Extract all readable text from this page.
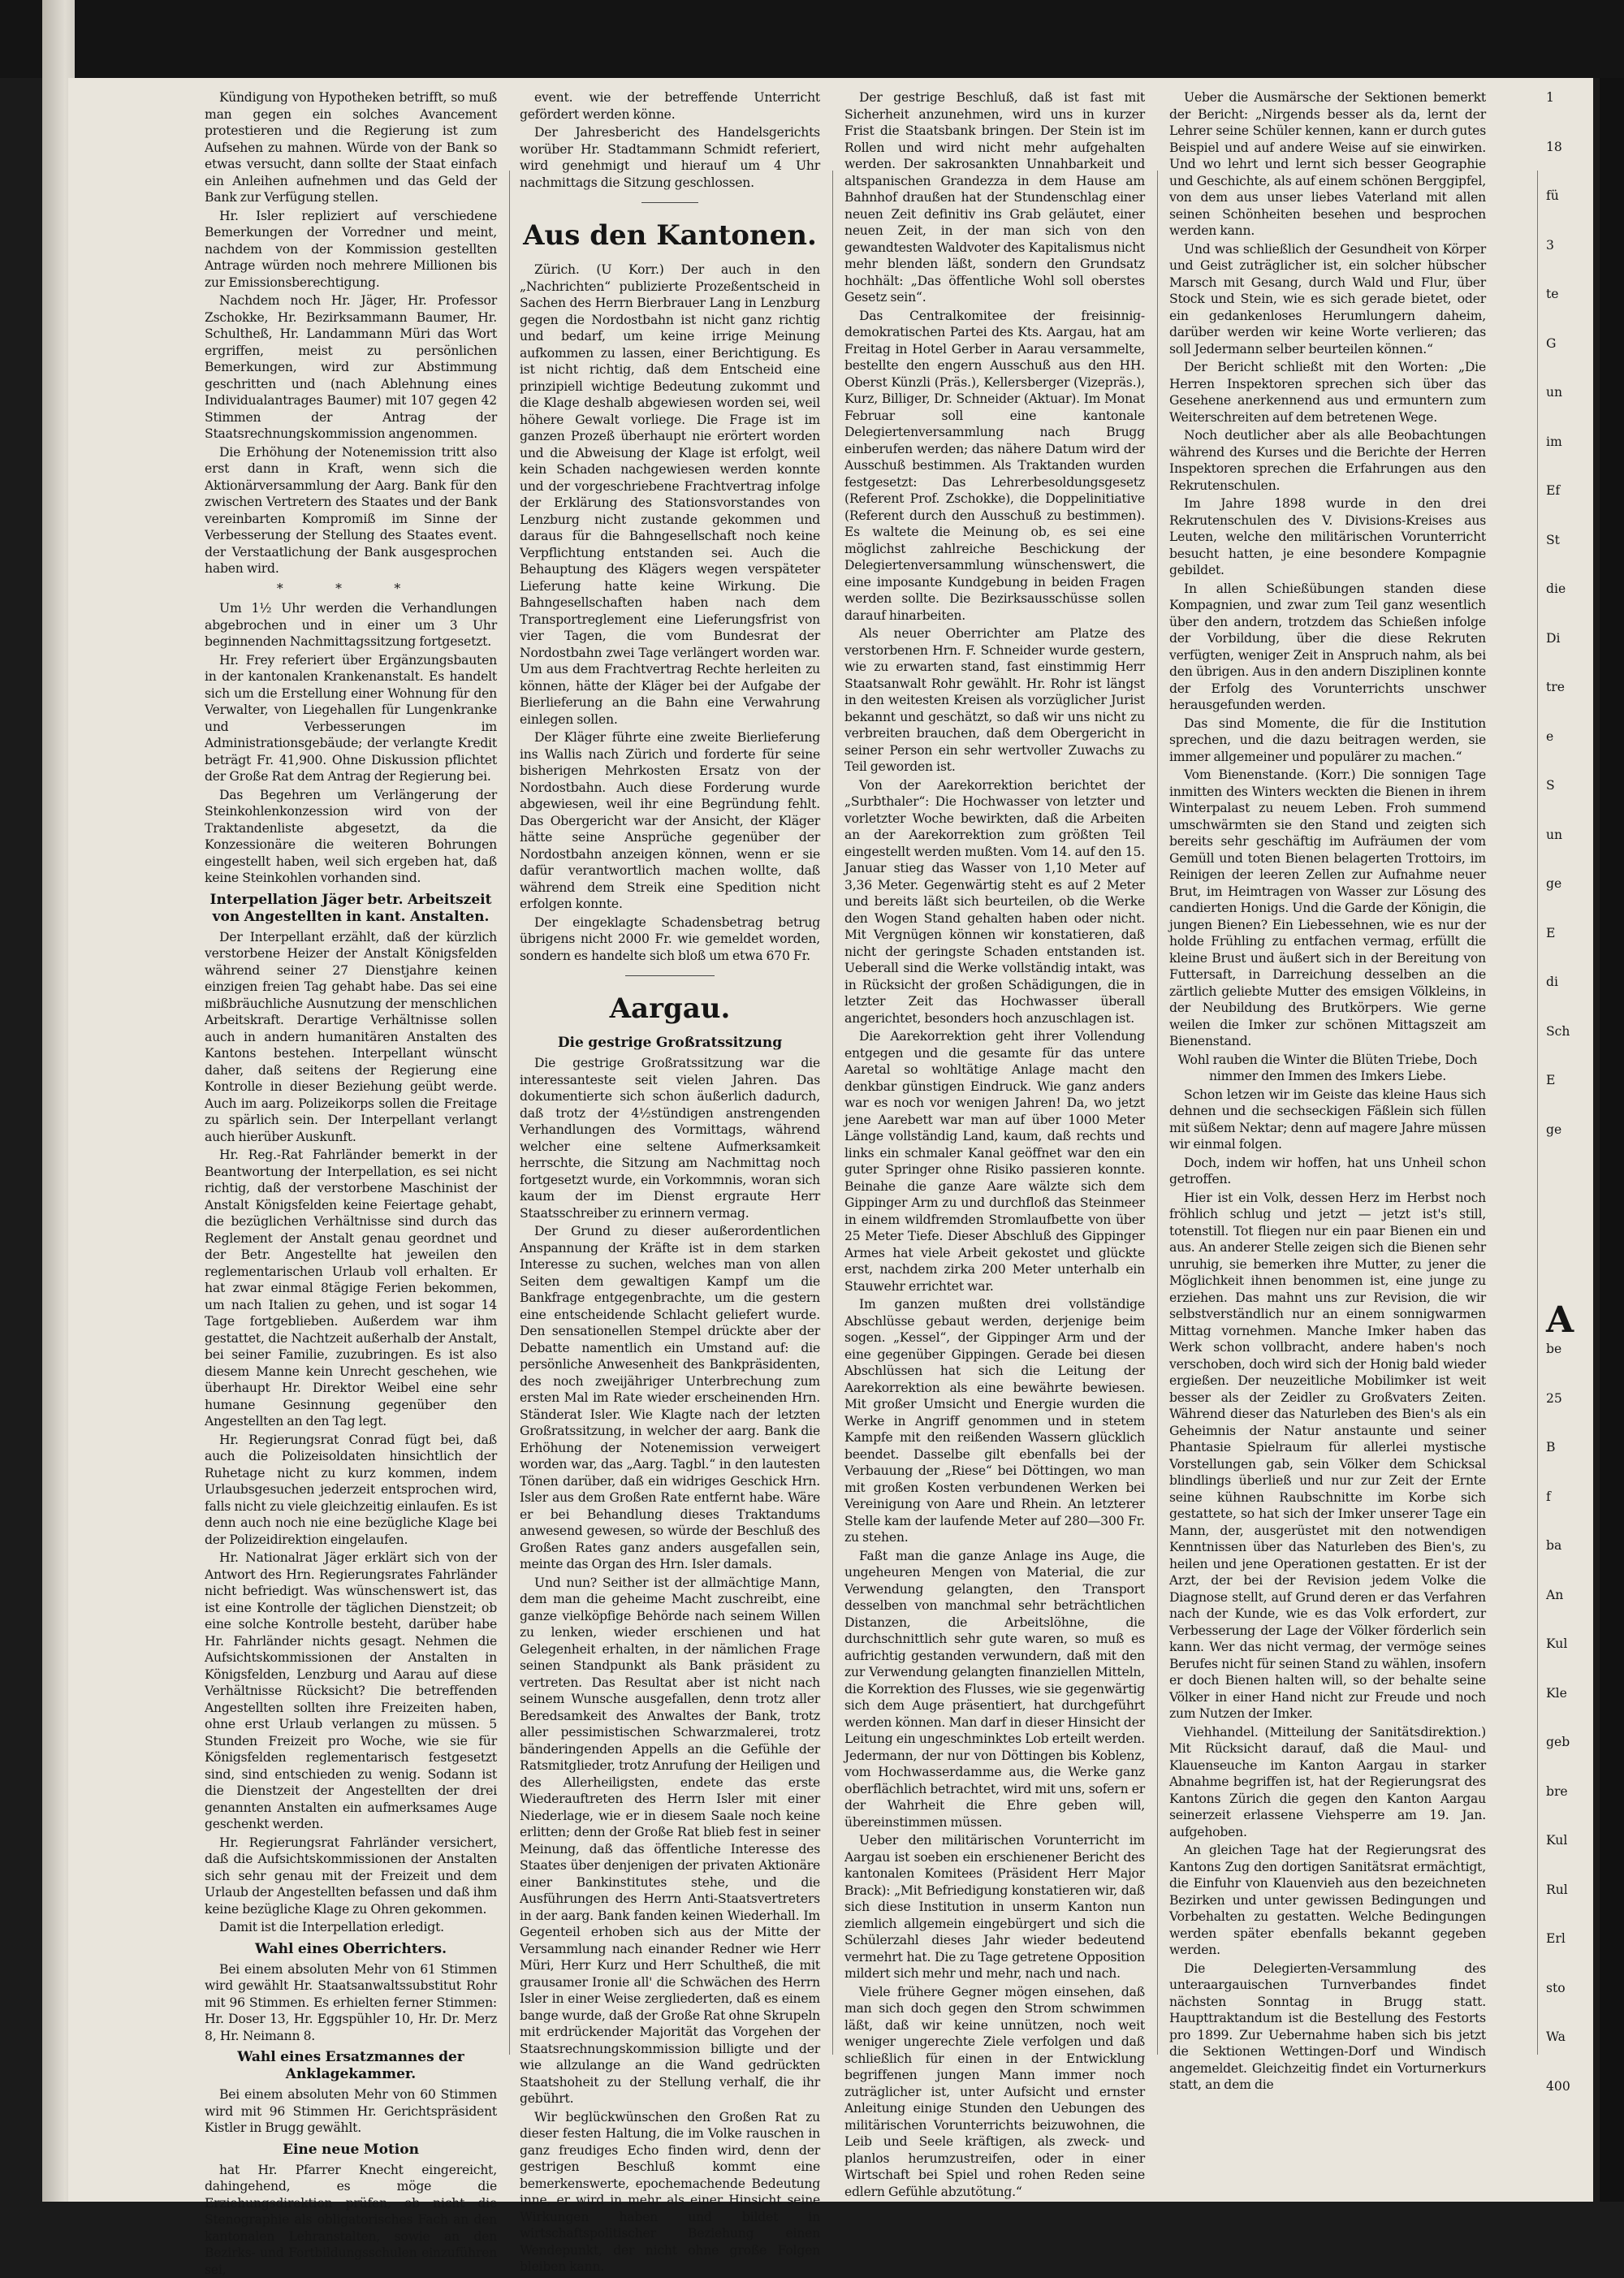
Kündigung von Hypotheken betrifft, so muß man gegen ein solches Avancement protestieren und die Regierung ist zum Aufsehen zu mahnen. Würde von der Bank so etwas versucht, dann sollte der Staat einfach ein Anleihen aufnehmen und das Geld der Bank zur Verfügung stellen.

Hr. Isler repliziert auf verschiedene Bemerkungen der Vorredner und meint, nachdem von der Kommission gestellten Antrage würden noch mehrere Millionen bis zur Emissionsberechtigung.

Nachdem noch Hr. Jäger, Hr. Professor Zschokke, Hr. Bezirksammann Baumer, Hr. Schultheß, Hr. Landammann Müri das Wort ergriffen, meist zu persönlichen Bemerkungen, wird zur Abstimmung geschritten und (nach Ablehnung eines Individualantrages Baumer) mit 107 gegen 42 Stimmen der Antrag der Staatsrechnungskommission angenommen.

Die Erhöhung der Notenemission tritt also erst dann in Kraft, wenn sich die Aktionärversammlung der Aarg. Bank für den zwischen Vertretern des Staates und der Bank vereinbarten Kompromiß im Sinne der Verbesserung der Stellung des Staates event. der Verstaatlichung der Bank ausgesprochen haben wird.

* * *

Um 1½ Uhr werden die Verhandlungen abgebrochen und in einer um 3 Uhr beginnenden Nachmittagssitzung fortgesetzt.

Hr. Frey referiert über Ergänzungsbauten in der kantonalen Krankenanstalt. Es handelt sich um die Erstellung einer Wohnung für den Verwalter, von Liegehallen für Lungenkranke und Verbesserungen im Administrationsgebäude; der verlangte Kredit beträgt Fr. 41,900. Ohne Diskussion pflichtet der Große Rat dem Antrag der Regierung bei.

Das Begehren um Verlängerung der Steinkohlenkonzession wird von der Traktandenliste abgesetzt, da die Konzessionäre die weiteren Bohrungen eingestellt haben, weil sich ergeben hat, daß keine Steinkohlen vorhanden sind.

Interpellation Jäger betr. Arbeitszeit von Angestellten in kant. Anstalten.

Der Interpellant erzählt, daß der kürzlich verstorbene Heizer der Anstalt Königsfelden während seiner 27 Dienstjahre keinen einzigen freien Tag gehabt habe. Das sei eine mißbräuchliche Ausnutzung der menschlichen Arbeitskraft. Derartige Verhältnisse sollen auch in andern humanitären Anstalten des Kantons bestehen. Interpellant wünscht daher, daß seitens der Regierung eine Kontrolle in dieser Beziehung geübt werde. Auch im aarg. Polizeikorps sollen die Freitage zu spärlich sein. Der Interpellant verlangt auch hierüber Auskunft.

Hr. Reg.-Rat Fahrländer bemerkt in der Beantwortung der Interpellation, es sei nicht richtig, daß der verstorbene Maschinist der Anstalt Königsfelden keine Feiertage gehabt, die bezüglichen Verhältnisse sind durch das Reglement der Anstalt genau geordnet und der Betr. Angestellte hat jeweilen den reglementarischen Urlaub voll erhalten. Er hat zwar einmal 8tägige Ferien bekommen, um nach Italien zu gehen, und ist sogar 14 Tage fortgeblieben. Außerdem war ihm gestattet, die Nachtzeit außerhalb der Anstalt, bei seiner Familie, zuzubringen. Es ist also diesem Manne kein Unrecht geschehen, wie überhaupt Hr. Direktor Weibel eine sehr humane Gesinnung gegenüber den Angestellten an den Tag legt.

Hr. Regierungsrat Conrad fügt bei, daß auch die Polizeisoldaten hinsichtlich der Ruhetage nicht zu kurz kommen, indem Urlaubsgesuchen jederzeit entsprochen wird, falls nicht zu viele gleichzeitig einlaufen. Es ist denn auch noch nie eine bezügliche Klage bei der Polizeidirektion eingelaufen.

Hr. Nationalrat Jäger erklärt sich von der Antwort des Hrn. Regierungsrates Fahrländer nicht befriedigt. Was wünschenswert ist, das ist eine Kontrolle der täglichen Dienstzeit; ob eine solche Kontrolle besteht, darüber habe Hr. Fahrländer nichts gesagt. Nehmen die Aufsichtskommissionen der Anstalten in Königsfelden, Lenzburg und Aarau auf diese Verhältnisse Rücksicht? Die betreffenden Angestellten sollten ihre Freizeiten haben, ohne erst Urlaub verlangen zu müssen. 5 Stunden Freizeit pro Woche, wie sie für Königsfelden reglementarisch festgesetzt sind, sind entschieden zu wenig. Sodann ist die Dienstzeit der Angestellten der drei genannten Anstalten ein aufmerksames Auge geschenkt werden.

Hr. Regierungsrat Fahrländer versichert, daß die Aufsichtskommissionen der Anstalten sich sehr genau mit der Freizeit und dem Urlaub der Angestellten befassen und daß ihm keine bezügliche Klage zu Ohren gekommen.

Damit ist die Interpellation erledigt.

Wahl eines Oberrichters.

Bei einem absoluten Mehr von 61 Stimmen wird gewählt Hr. Staatsanwaltssubstitut Rohr mit 96 Stimmen. Es erhielten ferner Stimmen: Hr. Doser 13, Hr. Eggspühler 10, Hr. Dr. Merz 8, Hr. Neimann 8.

Wahl eines Ersatzmannes der Anklagekammer.

Bei einem absoluten Mehr von 60 Stimmen wird mit 96 Stimmen Hr. Gerichtspräsident Kistler in Brugg gewählt.

Eine neue Motion

hat Hr. Pfarrer Knecht eingereicht, dahingehend, es möge die Erziehungsdirektion prüfen, ob nicht die Stenographie als obligatorisches Fach an den kantonalen Lehranstalten, sowie an den Bezirks- und Fortbildungsschulen einzuführen sei,

event. wie der betreffende Unterricht gefördert werden könne.

Der Jahresbericht des Handelsgerichts worüber Hr. Stadtammann Schmidt referiert, wird genehmigt und hierauf um 4 Uhr nachmittags die Sitzung geschlossen.

Aus den Kantonen.

Zürich. (U Korr.) Der auch in den „Nachrichten“ publizierte Prozeßentscheid in Sachen des Herrn Bierbrauer Lang in Lenzburg gegen die Nordostbahn ist nicht ganz richtig und bedarf, um keine irrige Meinung aufkommen zu lassen, einer Berichtigung. Es ist nicht richtig, daß dem Entscheid eine prinzipiell wichtige Bedeutung zukommt und die Klage deshalb abgewiesen worden sei, weil höhere Gewalt vorliege. Die Frage ist im ganzen Prozeß überhaupt nie erörtert worden und die Abweisung der Klage ist erfolgt, weil kein Schaden nachgewiesen werden konnte und der vorgeschriebene Frachtvertrag infolge der Erklärung des Stationsvorstandes von Lenzburg nicht zustande gekommen und daraus für die Bahngesellschaft noch keine Verpflichtung entstanden sei. Auch die Behauptung des Klägers wegen verspäteter Lieferung hatte keine Wirkung. Die Bahngesellschaften haben nach dem Transportreglement eine Lieferungsfrist von vier Tagen, die vom Bundesrat der Nordostbahn zwei Tage verlängert worden war. Um aus dem Frachtvertrag Rechte herleiten zu können, hätte der Kläger bei der Aufgabe der Bierlieferung an die Bahn eine Verwahrung einlegen sollen.

Der Kläger führte eine zweite Bierlieferung ins Wallis nach Zürich und forderte für seine bisherigen Mehrkosten Ersatz von der Nordostbahn. Auch diese Forderung wurde abgewiesen, weil ihr eine Begründung fehlt. Das Obergericht war der Ansicht, der Kläger hätte seine Ansprüche gegenüber der Nordostbahn anzeigen können, wenn er sie dafür verantwortlich machen wollte, daß während dem Streik eine Spedition nicht erfolgen konnte.

Der eingeklagte Schadensbetrag betrug übrigens nicht 2000 Fr. wie gemeldet worden, sondern es handelte sich bloß um etwa 670 Fr.

Aargau.
Die gestrige Großratssitzung

Die gestrige Großratssitzung war die interessanteste seit vielen Jahren. Das dokumentierte sich schon äußerlich dadurch, daß trotz der 4½stündigen anstrengenden Verhandlungen des Vormittags, während welcher eine seltene Aufmerksamkeit herrschte, die Sitzung am Nachmittag noch fortgesetzt wurde, ein Vorkommnis, woran sich kaum der im Dienst ergraute Herr Staatsschreiber zu erinnern vermag.

Der Grund zu dieser außerordentlichen Anspannung der Kräfte ist in dem starken Interesse zu suchen, welches man von allen Seiten dem gewaltigen Kampf um die Bankfrage entgegenbrachte, um die gestern eine entscheidende Schlacht geliefert wurde. Den sensationellen Stempel drückte aber der Debatte namentlich ein Umstand auf: die persönliche Anwesenheit des Bankpräsidenten, des noch zweijähriger Unterbrechung zum ersten Mal im Rate wieder erscheinenden Hrn. Ständerat Isler. Wie Klagte nach der letzten Großratssitzung, in welcher der aarg. Bank die Erhöhung der Notenemission verweigert worden war, das „Aarg. Tagbl.“ in den lautesten Tönen darüber, daß ein widriges Geschick Hrn. Isler aus dem Großen Rate entfernt habe. Wäre er bei Behandlung dieses Traktandums anwesend gewesen, so würde der Beschluß des Großen Rates ganz anders ausgefallen sein, meinte das Organ des Hrn. Isler damals.

Und nun? Seither ist der allmächtige Mann, dem man die geheime Macht zuschreibt, eine ganze vielköpfige Behörde nach seinem Willen zu lenken, wieder erschienen und hat Gelegenheit erhalten, in der nämlichen Frage seinen Standpunkt als Bank präsident zu vertreten. Das Resultat aber ist nicht nach seinem Wunsche ausgefallen, denn trotz aller Beredsamkeit des Anwaltes der Bank, trotz aller pessimistischen Schwarzmalerei, trotz bänderingenden Appells an die Gefühle der Ratsmitglieder, trotz Anrufung der Heiligen und des Allerheiligsten, endete das erste Wiederauftreten des Herrn Isler mit einer Niederlage, wie er in diesem Saale noch keine erlitten; denn der Große Rat blieb fest in seiner Meinung, daß das öffentliche Interesse des Staates über denjenigen der privaten Aktionäre einer Bankinstitutes stehe, und die Ausführungen des Herrn Anti-Staatsvertreters in der aarg. Bank fanden keinen Wiederhall. Im Gegenteil erhoben sich aus der Mitte der Versammlung nach einander Redner wie Herr Müri, Herr Kurz und Herr Schultheß, die mit grausamer Ironie all' die Schwächen des Herrn Isler in einer Weise zergliederten, daß es einem bange wurde, daß der Große Rat ohne Skrupeln mit erdrückender Majorität das Vorgehen der Staatsrechnungskommission billigte und der wie allzulange an die Wand gedrückten Staatshoheit zu der Stellung verhalf, die ihr gebührt.

Wir beglückwünschen den Großen Rat zu dieser festen Haltung, die im Volke rauschen in ganz freudiges Echo finden wird, denn der gestrigen Beschluß kommt eine bemerkenswerte, epochemachende Bedeutung inne, er wird in mehr als einer Hinsicht seine Wirkungen haben und bildet in wirtschaftspolitischer Beziehung einen Wendepunkt, der nicht ohne große Folgen bleiben kann.

Der gestrige Beschluß, daß ist fast mit Sicherheit anzunehmen, wird uns in kurzer Frist die Staatsbank bringen. Der Stein ist im Rollen und wird nicht mehr aufgehalten werden. Der sakrosankten Unnahbarkeit und altspanischen Grandezza in dem Hause am Bahnhof draußen hat der Stundenschlag einer neuen Zeit definitiv ins Grab geläutet, einer neuen Zeit, in der man sich von den gewandtesten Waldvoter des Kapitalismus nicht mehr blenden läßt, sondern den Grundsatz hochhält: „Das öffentliche Wohl soll oberstes Gesetz sein“.

Das Centralkomitee der freisinnig-demokratischen Partei des Kts. Aargau, hat am Freitag in Hotel Gerber in Aarau versammelte, bestellte den engern Ausschuß aus den HH. Oberst Künzli (Präs.), Kellersberger (Vizepräs.), Kurz, Billiger, Dr. Schneider (Aktuar). Im Monat Februar soll eine kantonale Delegiertenversammlung nach Brugg einberufen werden; das nähere Datum wird der Ausschuß bestimmen. Als Traktanden wurden festgesetzt: Das Lehrerbesoldungsgesetz (Referent Prof. Zschokke), die Doppelinitiative (Referent durch den Ausschuß zu bestimmen). Es waltete die Meinung ob, es sei eine möglichst zahlreiche Beschickung der Delegiertenversammlung wünschenswert, die eine imposante Kundgebung in beiden Fragen werden sollte. Die Bezirksausschüsse sollen darauf hinarbeiten.

Als neuer Oberrichter am Platze des verstorbenen Hrn. F. Schneider wurde gestern, wie zu erwarten stand, fast einstimmig Herr Staatsanwalt Rohr gewählt. Hr. Rohr ist längst in den weitesten Kreisen als vorzüglicher Jurist bekannt und geschätzt, so daß wir uns nicht zu verbreiten brauchen, daß dem Obergericht in seiner Person ein sehr wertvoller Zuwachs zu Teil geworden ist.

Von der Aarekorrektion berichtet der „Surbthaler“: Die Hochwasser von letzter und vorletzter Woche bewirkten, daß die Arbeiten an der Aarekorrektion zum größten Teil eingestellt werden mußten. Vom 14. auf den 15. Januar stieg das Wasser von 1,10 Meter auf 3,36 Meter. Gegenwärtig steht es auf 2 Meter und bereits läßt sich beurteilen, ob die Werke den Wogen Stand gehalten haben oder nicht. Mit Vergnügen können wir konstatieren, daß nicht der geringste Schaden entstanden ist. Ueberall sind die Werke vollständig intakt, was in Rücksicht der großen Schädigungen, die in letzter Zeit das Hochwasser überall angerichtet, besonders hoch anzuschlagen ist.

Die Aarekorrektion geht ihrer Vollendung entgegen und die gesamte für das untere Aaretal so wohltätige Anlage macht den denkbar günstigen Eindruck. Wie ganz anders war es noch vor wenigen Jahren! Da, wo jetzt jene Aarebett war man auf über 1000 Meter Länge vollständig Land, kaum, daß rechts und links ein schmaler Kanal geöffnet war den ein guter Springer ohne Risiko passieren konnte. Beinahe die ganze Aare wälzte sich dem Gippinger Arm zu und durchfloß das Steinmeer in einem wildfremden Stromlaufbette von über 25 Meter Tiefe. Dieser Abschluß des Gippinger Armes hat viele Arbeit gekostet und glückte erst, nachdem zirka 200 Meter unterhalb ein Stauwehr errichtet war.

Im ganzen mußten drei vollständige Abschlüsse gebaut werden, derjenige beim sogen. „Kessel“, der Gippinger Arm und der eine gegenüber Gippingen. Gerade bei diesen Abschlüssen hat sich die Leitung der Aarekorrektion als eine bewährte bewiesen. Mit großer Umsicht und Energie wurden die Werke in Angriff genommen und in stetem Kampfe mit den reißenden Wassern glücklich beendet. Dasselbe gilt ebenfalls bei der Verbauung der „Riese“ bei Döttingen, wo man mit großen Kosten verbundenen Werken bei Vereinigung von Aare und Rhein. An letzterer Stelle kam der laufende Meter auf 280—300 Fr. zu stehen.

Faßt man die ganze Anlage ins Auge, die ungeheuren Mengen von Material, die zur Verwendung gelangten, den Transport desselben von manchmal sehr beträchtlichen Distanzen, die Arbeitslöhne, die durchschnittlich sehr gute waren, so muß es aufrichtig gestanden verwundern, daß mit den zur Verwendung gelangten finanziellen Mitteln, die Korrektion des Flusses, wie sie gegenwärtig sich dem Auge präsentiert, hat durchgeführt werden können. Man darf in dieser Hinsicht der Leitung ein ungeschminktes Lob erteilt werden. Jedermann, der nur von Döttingen bis Koblenz, vom Hochwasserdamme aus, die Werke ganz oberflächlich betrachtet, wird mit uns, sofern er der Wahrheit die Ehre geben will, übereinstimmen müssen.

Ueber den militärischen Vorunterricht im Aargau ist soeben ein erschienener Bericht des kantonalen Komitees (Präsident Herr Major Brack): „Mit Befriedigung konstatieren wir, daß sich diese Institution in unserm Kanton nun ziemlich allgemein eingebürgert und sich die Schülerzahl dieses Jahr wieder bedeutend vermehrt hat. Die zu Tage getretene Opposition mildert sich mehr und mehr, nach und nach.

Viele frühere Gegner mögen einsehen, daß man sich doch gegen den Strom schwimmen läßt, daß wir keine unnützen, noch weit weniger ungerechte Ziele verfolgen und daß schließlich für einen in der Entwicklung begriffenen jungen Mann immer noch zuträglicher ist, unter Aufsicht und ernster Anleitung einige Stunden den Uebungen des militärischen Vorunterrichts beizuwohnen, die Leib und Seele kräftigen, als zweck- und planlos herumzustreifen, oder in einer Wirtschaft bei Spiel und rohen Reden seine edlern Gefühle abzutötung.“

Ueber die Ausmärsche der Sektionen bemerkt der Bericht: „Nirgends besser als da, lernt der Lehrer seine Schüler kennen, kann er durch gutes Beispiel und auf andere Weise auf sie einwirken. Und wo lehrt und lernt sich besser Geographie und Geschichte, als auf einem schönen Berggipfel, von dem aus unser liebes Vaterland mit allen seinen Schönheiten besehen und besprochen werden kann.

Und was schließlich der Gesundheit von Körper und Geist zuträglicher ist, ein solcher hübscher Marsch mit Gesang, durch Wald und Flur, über Stock und Stein, wie es sich gerade bietet, oder ein gedankenloses Herumlungern daheim, darüber werden wir keine Worte verlieren; das soll Jedermann selber beurteilen können.“

Der Bericht schließt mit den Worten: „Die Herren Inspektoren sprechen sich über das Gesehene anerkennend aus und ermuntern zum Weiterschreiten auf dem betretenen Wege.

Noch deutlicher aber als alle Beobachtungen während des Kurses und die Berichte der Herren Inspektoren sprechen die Erfahrungen aus den Rekrutenschulen.

Im Jahre 1898 wurde in den drei Rekrutenschulen des V. Divisions-Kreises aus Leuten, welche den militärischen Vorunterricht besucht hatten, je eine besondere Kompagnie gebildet.

In allen Schießübungen standen diese Kompagnien, und zwar zum Teil ganz wesentlich über den andern, trotzdem das Schießen infolge der Vorbildung, über die diese Rekruten verfügten, weniger Zeit in Anspruch nahm, als bei den übrigen. Aus in den andern Disziplinen konnte der Erfolg des Vorunterrichts unschwer herausgefunden werden.

Das sind Momente, die für die Institution sprechen, und die dazu beitragen werden, sie immer allgemeiner und populärer zu machen.“

Vom Bienenstande. (Korr.) Die sonnigen Tage inmitten des Winters weckten die Bienen in ihrem Winterpalast zu neuem Leben. Froh summend umschwärmten sie den Stand und zeigten sich bereits sehr geschäftig im Aufräumen der vom Gemüll und toten Bienen belagerten Trottoirs, im Reinigen der leeren Zellen zur Aufnahme neuer Brut, im Heimtragen von Wasser zur Lösung des candierten Honigs. Und die Garde der Königin, die jungen Bienen? Ein Liebessehnen, wie es nur der holde Frühling zu entfachen vermag, erfüllt die kleine Brust und äußert sich in der Bereitung von Futtersaft, in Darreichung desselben an die zärtlich geliebte Mutter des emsigen Völkleins, in der Neubildung des Brutkörpers. Wie gerne weilen die Imker zur schönen Mittagszeit am Bienenstand.

Wohl rauben die Winter die Blüten Triebe, Doch nimmer den Immen des Imkers Liebe.

Schon letzen wir im Geiste das kleine Haus sich dehnen und die sechseckigen Fäßlein sich füllen mit süßem Nektar; denn auf magere Jahre müssen wir einmal folgen.

Doch, indem wir hoffen, hat uns Unheil schon getroffen.

Hier ist ein Volk, dessen Herz im Herbst noch fröhlich schlug und jetzt — jetzt ist's still, totenstill. Tot fliegen nur ein paar Bienen ein und aus. An anderer Stelle zeigen sich die Bienen sehr unruhig, sie bemerken ihre Mutter, zu jener die Möglichkeit ihnen benommen ist, eine junge zu erziehen. Das mahnt uns zur Revision, die wir selbstverständlich nur an einem sonnigwarmen Mittag vornehmen. Manche Imker haben das Werk schon vollbracht, andere haben's noch verschoben, doch wird sich der Honig bald wieder ergießen. Der neuzeitliche Mobilimker ist weit besser als der Zeidler zu Großvaters Zeiten. Während dieser das Naturleben des Bien's als ein Geheimnis der Natur anstaunte und seiner Phantasie Spielraum für allerlei mystische Vorstellungen gab, sein Völker dem Schicksal blindlings überließ und nur zur Zeit der Ernte seine kühnen Raubschnitte im Korbe sich gestattete, so hat sich der Imker unserer Tage ein Mann, der, ausgerüstet mit den notwendigen Kenntnissen über das Naturleben des Bien's, zu heilen und jene Operationen gestatten. Er ist der Arzt, der bei der Revision jedem Volke die Diagnose stellt, auf Grund deren er das Verfahren nach der Kunde, wie es das Volk erfordert, zur Verbesserung der Lage der Völker förderlich sein kann. Wer das nicht vermag, der vermöge seines Berufes nicht für seinen Stand zu wählen, insofern er doch Bienen halten will, so der behalte seine Völker in einer Hand nicht zur Freude und noch zum Nutzen der Imker.

Viehhandel. (Mitteilung der Sanitätsdirektion.) Mit Rücksicht darauf, daß die Maul- und Klauenseuche im Kanton Aargau in starker Abnahme begriffen ist, hat der Regierungsrat des Kantons Zürich die gegen den Kanton Aargau seinerzeit erlassene Viehsperre am 19. Jan. aufgehoben.

An gleichen Tage hat der Regierungsrat des Kantons Zug den dortigen Sanitätsrat ermächtigt, die Einfuhr von Klauenvieh aus den bezeichneten Bezirken und unter gewissen Bedingungen und Vorbehalten zu gestatten. Welche Bedingungen werden später ebenfalls bekannt gegeben werden.

Die Delegierten-Versammlung des unteraargauischen Turnverbandes findet nächsten Sonntag in Brugg statt. Haupttraktandum ist die Bestellung des Festorts pro 1899. Zur Uebernahme haben sich bis jetzt die Sektionen Wettingen-Dorf und Windisch angemeldet. Gleichzeitig findet ein Vorturnerkurs statt, an dem die

1
18
fü
3
te
G
un
im
Ef
St
die
Di
tre
e
S
un
ge
E
di
Sch
E
ge
A
be
25
B
f
ba
An
Kul
Kle
geb
bre
Kul
Rul
Erl
sto
Wa
400
